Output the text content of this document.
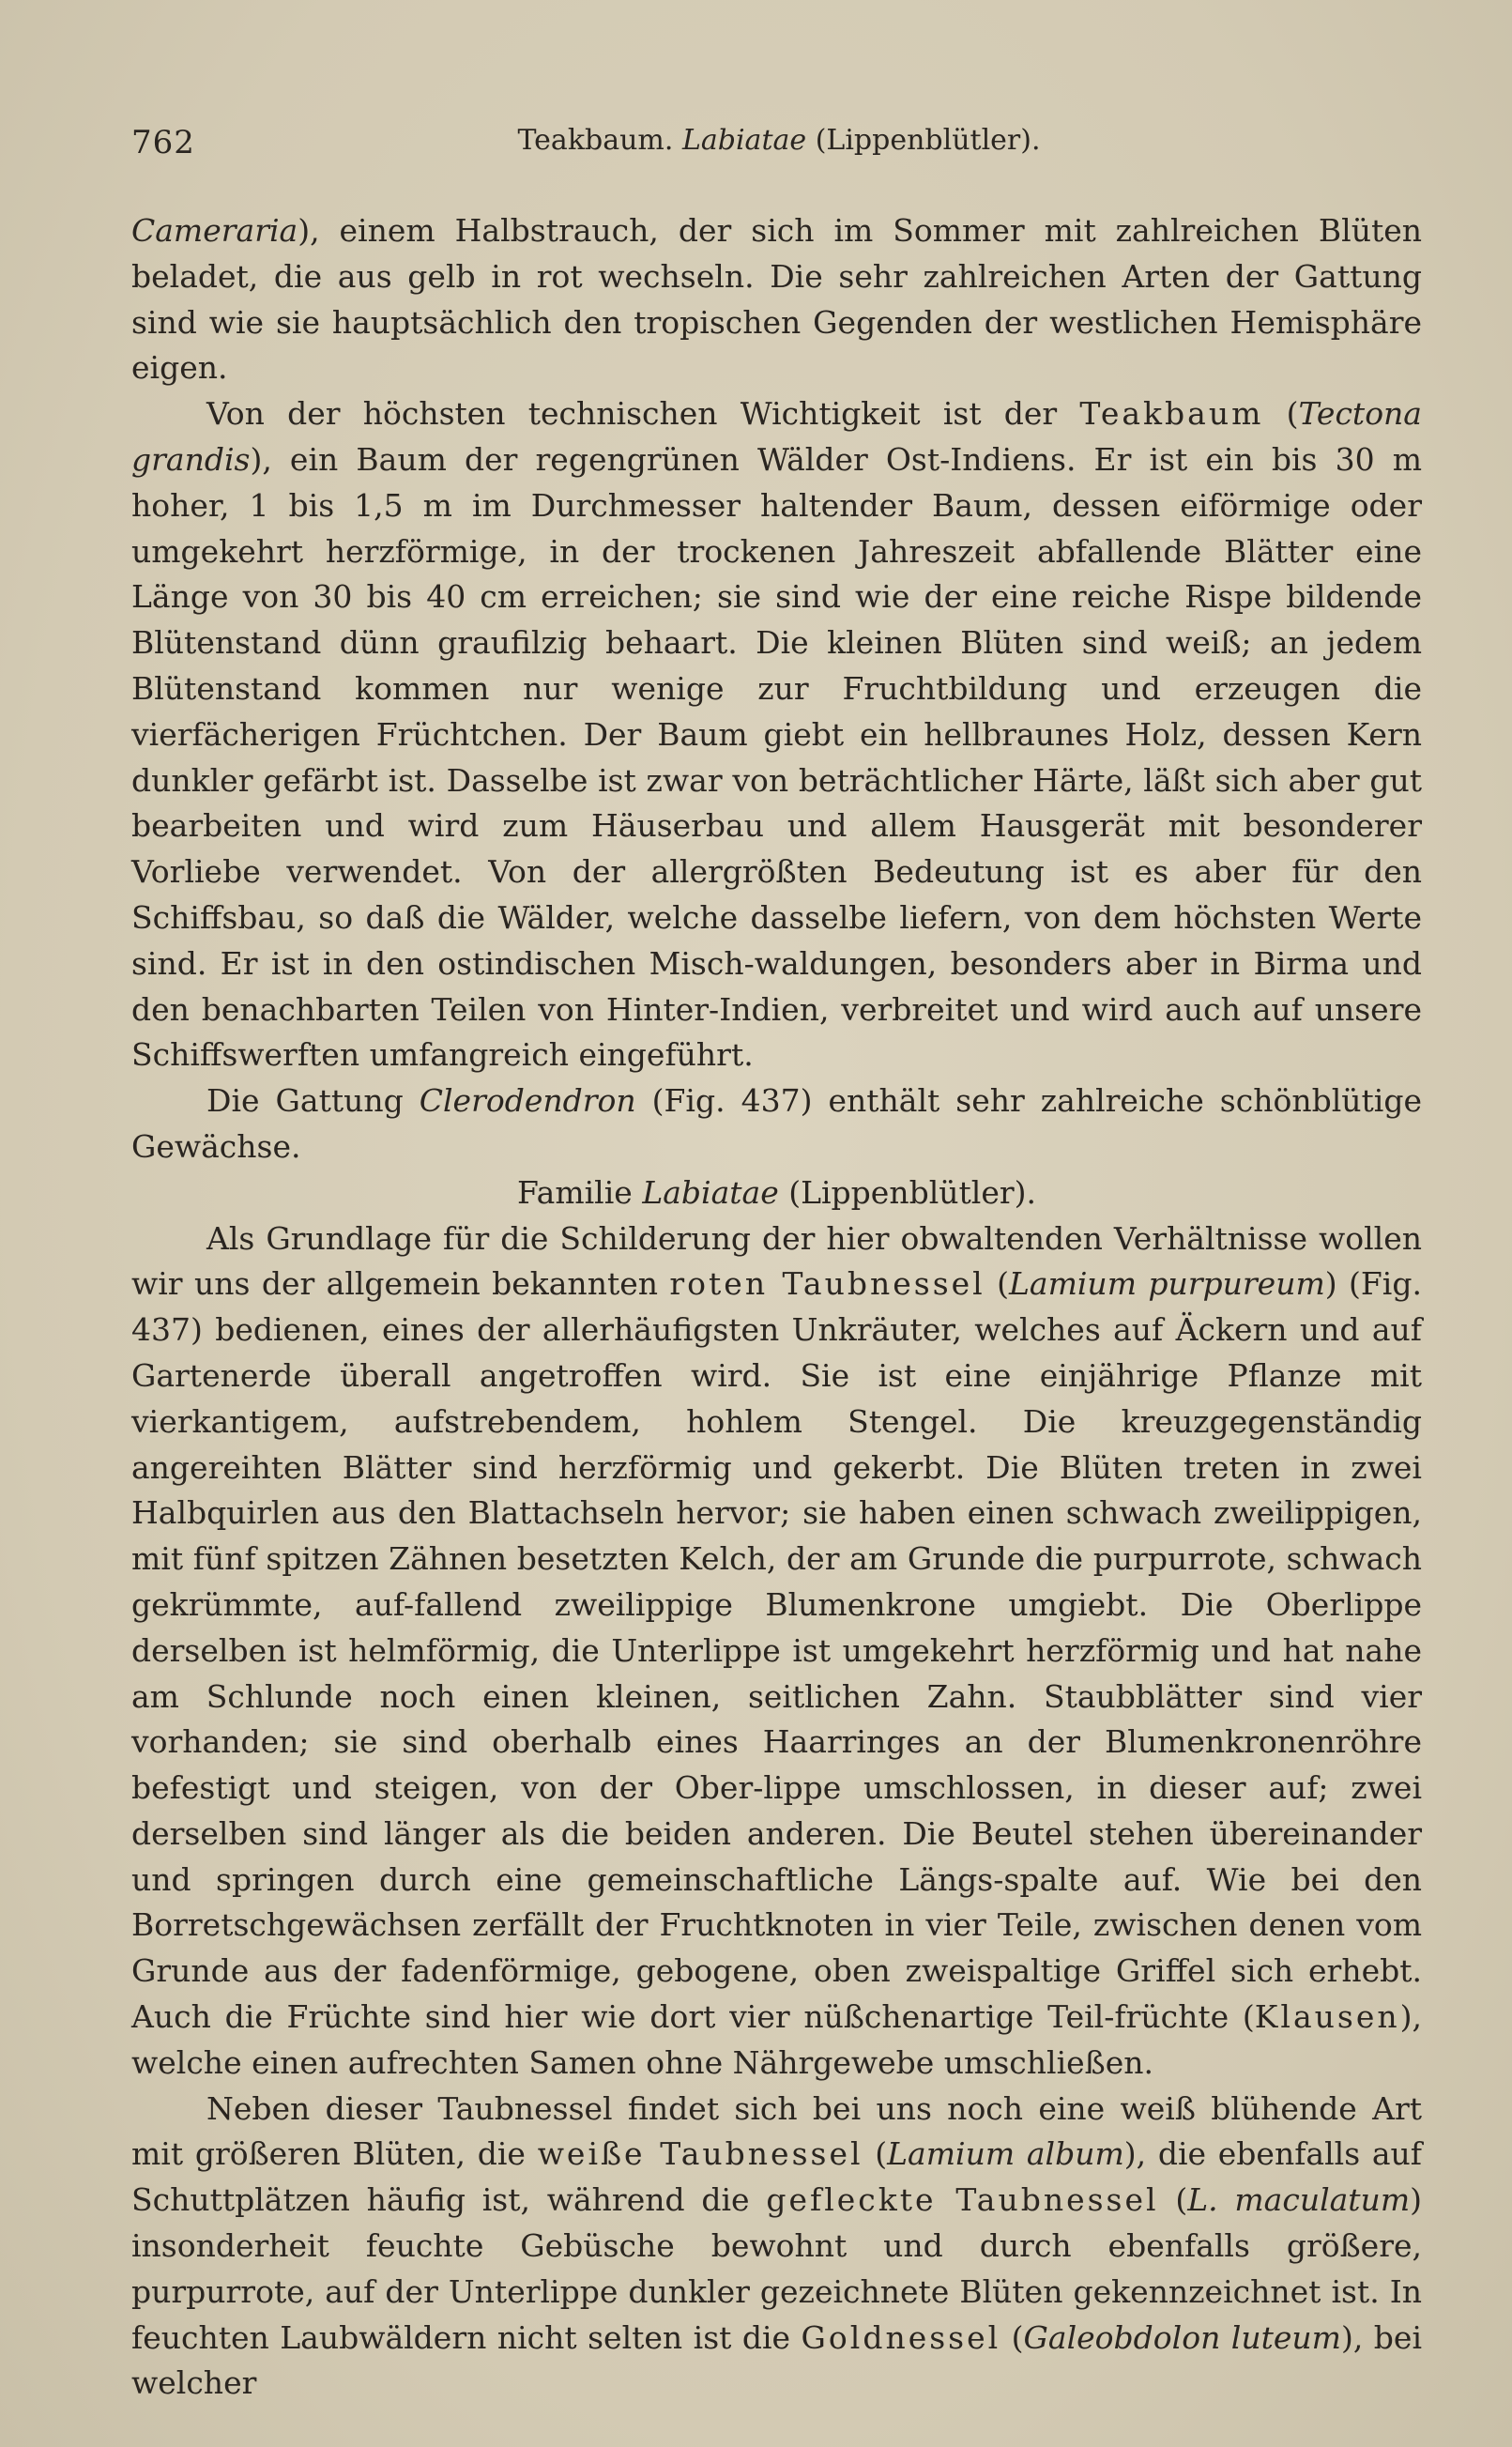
762	Teakbaum. Labiatae (Lippenblütler).

Cameraria), einem Halbstrauch, der sich im Sommer mit zahlreichen Blüten beladet, die aus gelb in rot wechseln. Die sehr zahlreichen Arten der Gattung sind wie sie hauptsächlich den tropischen Gegenden der westlichen Hemisphäre eigen.

Von der höchsten technischen Wichtigkeit ist der Teakbaum (Tectona grandis), ein Baum der regengrünen Wälder Ost-Indiens. Er ist ein bis 30 m hoher, 1 bis 1,5 m im Durchmesser haltender Baum, dessen eiförmige oder umgekehrt herzförmige, in der trockenen Jahreszeit abfallende Blätter eine Länge von 30 bis 40 cm erreichen; sie sind wie der eine reiche Rispe bildende Blütenstand dünn graufilzig behaart. Die kleinen Blüten sind weiß; an jedem Blütenstand kommen nur wenige zur Fruchtbildung und erzeugen die vierfächerigen Früchtchen. Der Baum giebt ein hellbraunes Holz, dessen Kern dunkler gefärbt ist. Dasselbe ist zwar von beträchtlicher Härte, läßt sich aber gut bearbeiten und wird zum Häuserbau und allem Hausgerät mit besonderer Vorliebe verwendet. Von der allergrößten Bedeutung ist es aber für den Schiffsbau, so daß die Wälder, welche dasselbe liefern, von dem höchsten Werte sind. Er ist in den ostindischen Misch-waldungen, besonders aber in Birma und den benachbarten Teilen von Hinter-Indien, verbreitet und wird auch auf unsere Schiffswerften umfangreich eingeführt.

Die Gattung Clerodendron (Fig. 437) enthält sehr zahlreiche schönblütige Gewächse.

Familie Labiatae (Lippenblütler).

Als Grundlage für die Schilderung der hier obwaltenden Verhältnisse wollen wir uns der allgemein bekannten roten Taubnessel (Lamium purpureum) (Fig. 437) bedienen, eines der allerhäufigsten Unkräuter, welches auf Äckern und auf Gartenerde überall angetroffen wird. Sie ist eine einjährige Pflanze mit vierkantigem, aufstrebendem, hohlem Stengel. Die kreuzgegenständig angereihten Blätter sind herzförmig und gekerbt. Die Blüten treten in zwei Halbquirlen aus den Blattachseln hervor; sie haben einen schwach zweilippigen, mit fünf spitzen Zähnen besetzten Kelch, der am Grunde die purpurrote, schwach gekrümmte, auf-fallend zweilippige Blumenkrone umgiebt. Die Oberlippe derselben ist helmförmig, die Unterlippe ist umgekehrt herzförmig und hat nahe am Schlunde noch einen kleinen, seitlichen Zahn. Staubblätter sind vier vorhanden; sie sind oberhalb eines Haarringes an der Blumenkronenröhre befestigt und steigen, von der Ober-lippe umschlossen, in dieser auf; zwei derselben sind länger als die beiden anderen. Die Beutel stehen übereinander und springen durch eine gemeinschaftliche Längs-spalte auf. Wie bei den Borretschgewächsen zerfällt der Fruchtknoten in vier Teile, zwischen denen vom Grunde aus der fadenförmige, gebogene, oben zweispaltige Griffel sich erhebt. Auch die Früchte sind hier wie dort vier nüßchenartige Teil-früchte (Klausen), welche einen aufrechten Samen ohne Nährgewebe umschließen.

Neben dieser Taubnessel findet sich bei uns noch eine weiß blühende Art mit größeren Blüten, die weiße Taubnessel (Lamium album), die ebenfalls auf Schuttplätzen häufig ist, während die gefleckte Taubnessel (L. maculatum) insonderheit feuchte Gebüsche bewohnt und durch ebenfalls größere, purpurrote, auf der Unterlippe dunkler gezeichnete Blüten gekennzeichnet ist. In feuchten Laubwäldern nicht selten ist die Goldnessel (Galeobdolon luteum), bei welcher
